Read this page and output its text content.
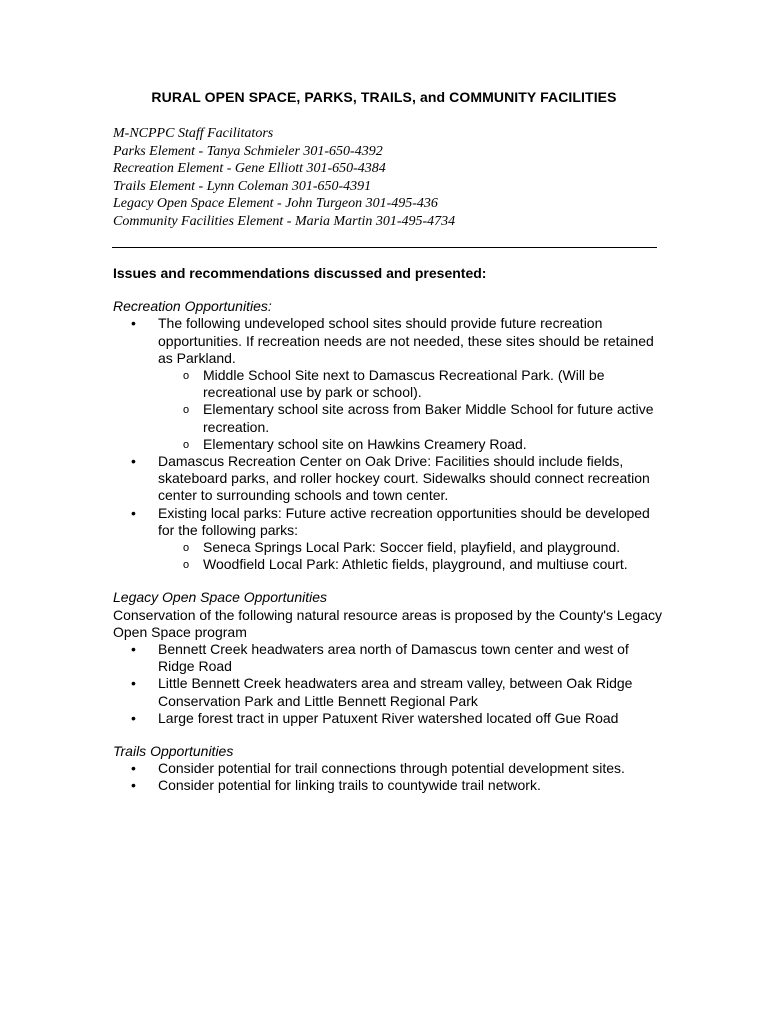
RURAL OPEN SPACE, PARKS, TRAILS, and COMMUNITY FACILITIES
M-NCPPC Staff Facilitators
Parks Element - Tanya Schmieler 301-650-4392
Recreation Element - Gene Elliott 301-650-4384
Trails Element - Lynn Coleman 301-650-4391
Legacy Open Space Element - John Turgeon 301-495-436
Community Facilities Element - Maria Martin 301-495-4734

Issues and recommendations discussed and presented:

Recreation Opportunities:

• The following undeveloped school sites should provide future recreation opportunities. If recreation needs are not needed, these sites should be retained as Parkland.
o Middle School Site next to Damascus Recreational Park. (Will be recreational use by park or school).
o Elementary school site across from Baker Middle School for future active recreation.
o Elementary school site on Hawkins Creamery Road.
• Damascus Recreation Center on Oak Drive: Facilities should include fields, skateboard parks, and roller hockey court. Sidewalks should connect recreation center to surrounding schools and town center.
• Existing local parks: Future active recreation opportunities should be developed for the following parks:
o Seneca Springs Local Park: Soccer field, playfield, and playground.
o Woodfield Local Park: Athletic fields, playground, and multiuse court.

Legacy Open Space Opportunities

Conservation of the following natural resource areas is proposed by the County's Legacy Open Space program

• Bennett Creek headwaters area north of Damascus town center and west of Ridge Road
• Little Bennett Creek headwaters area and stream valley, between Oak Ridge Conservation Park and Little Bennett Regional Park
• Large forest tract in upper Patuxent River watershed located off Gue Road

Trails Opportunities

• Consider potential for trail connections through potential development sites.
• Consider potential for linking trails to countywide trail network.
